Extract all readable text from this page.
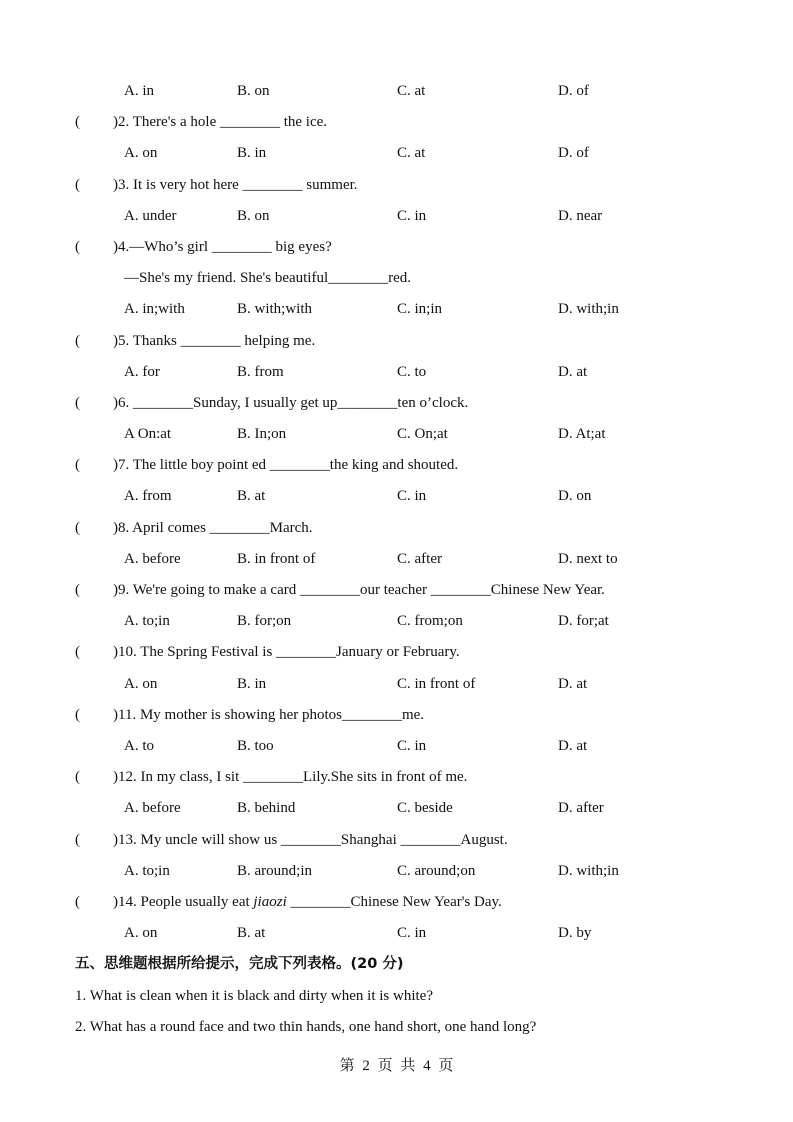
A. in	B. on	C. at	D. of
( )2. There's a hole ________ the ice.
A. on	B. in	C. at	D. of
( )3. It is very hot here ________ summer.
A. under	B. on	C. in	D. near
( )4.—Who’s girl ________ big eyes?
—She's my friend. She's beautiful________red.
A. in;with	B. with;with	C. in;in	D. with;in
( )5. Thanks ________ helping me.
A. for	B. from	C. to	D. at
( )6. ________Sunday, I usually get up________ten o’clock.
A On:at	B. In;on	C. On;at	D. At;at
( )7. The little boy point ed ________the king and shouted.
A. from	B. at	C. in	D. on
( )8. April comes ________March.
A. before	B. in front of	C. after	D. next to
( )9. We're going to make a card ________our teacher ________Chinese New Year.
A. to;in	B. for;on	C. from;on	D. for;at
( )10. The Spring Festival is ________January or February.
A. on	B. in	C. in front of	D. at
( )11. My mother is showing her photos________me.
A. to	B. too	C. in	D. at
( )12. In my class, I sit ________Lily.She sits in front of me.
A. before	B. behind	C. beside	D. after
( )13. My uncle will show us ________Shanghai ________August.
A. to;in	B. around;in	C. around;on	D. with;in
( )14. People usually eat jiaozi ________Chinese New Year's Day.
A. on	B. at	C. in	D. by
五、思维题根据所给提示，完成下列表格。(20 分)
1. What is clean when it is black and dirty when it is white?
2. What has a round face and two thin hands, one hand short, one hand long?
第 2 页 共 4 页
